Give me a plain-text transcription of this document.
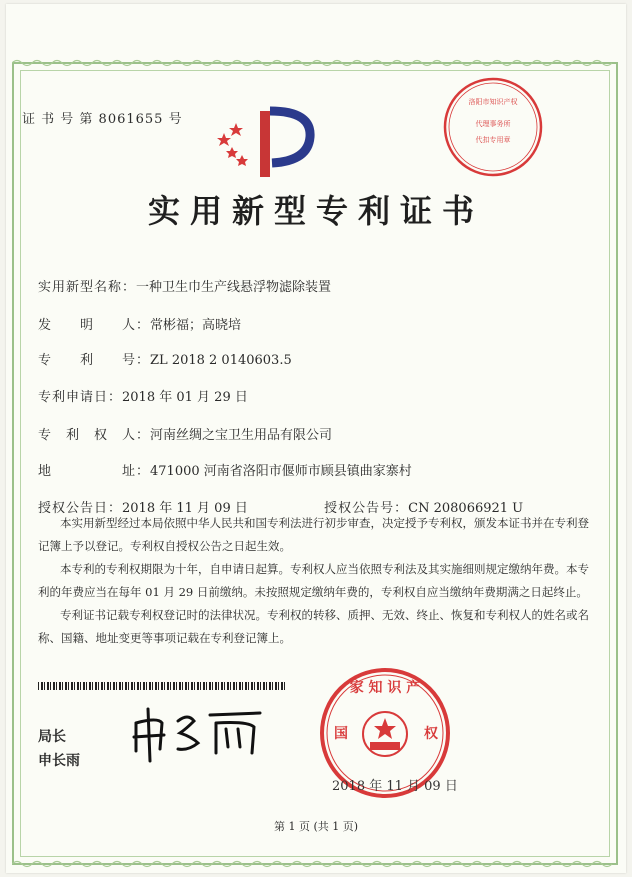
证 书 号 第 8061655 号
洛阳市知识产权
代理事务所
代扣专用章
实用新型专利证书
实用新型名称：一种卫生巾生产线悬浮物滤除装置
发　　明　　人：常彬福；高晓培
专　　利　　号：ZL 2018 2 0140603.5
专利申请日：2018 年 01 月 29 日
专　利　权　人：河南丝绸之宝卫生用品有限公司
地　　　　　址：471000 河南省洛阳市偃师市顾县镇曲家寨村
授权公告日：2018 年 11 月 09 日	授权公告号：CN 208066921 U
本实用新型经过本局依照中华人民共和国专利法进行初步审查，决定授予专利权，颁发本证书并在专利登记簿上予以登记。专利权自授权公告之日起生效。
本专利的专利权期限为十年，自申请日起算。专利权人应当依照专利法及其实施细则规定缴纳年费。本专利的年费应当在每年 01 月 29 日前缴纳。未按照规定缴纳年费的，专利权自应当缴纳年费期满之日起终止。
专利证书记载专利权登记时的法律状况。专利权的转移、质押、无效、终止、恢复和专利权人的姓名或名称、国籍、地址变更等事项记载在专利登记簿上。
局长
申长雨
家 知 识 产
国	权
2018 年 11 月 09 日
第 1 页 (共 1 页)
